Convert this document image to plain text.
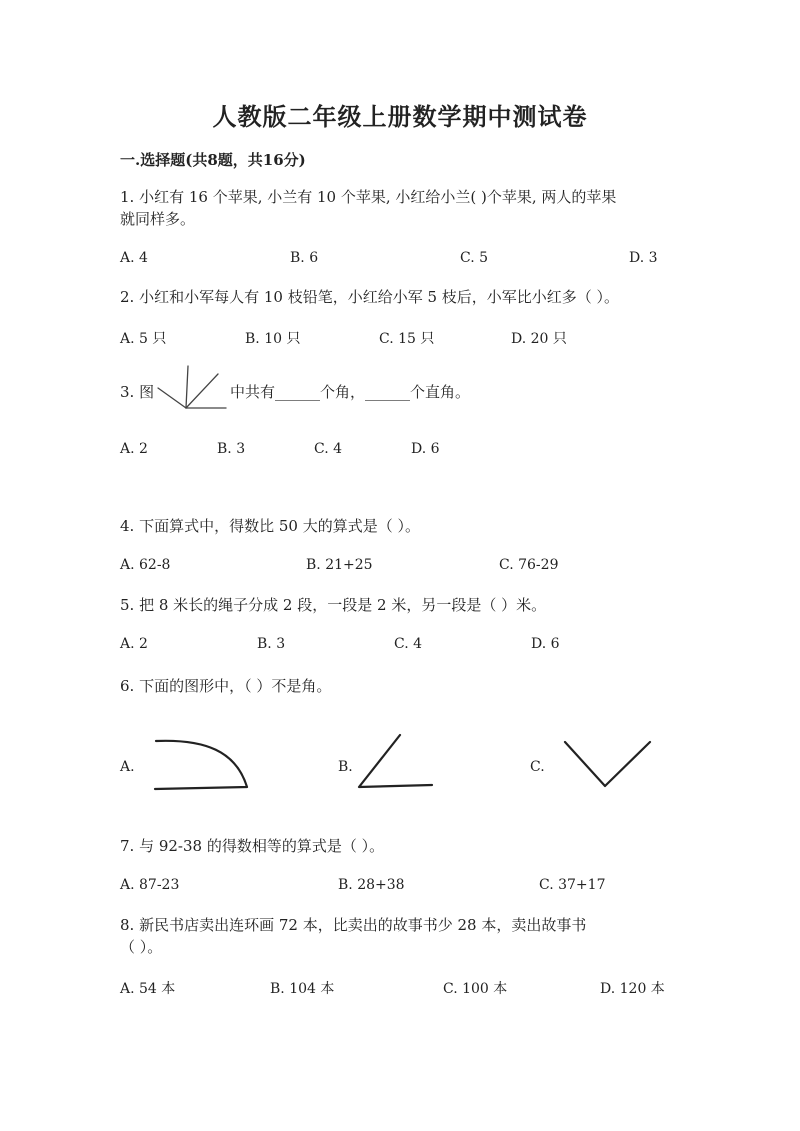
人教版二年级上册数学期中测试卷
一.选择题(共8题，共16分)
1. 小红有 16 个苹果, 小兰有 10 个苹果, 小红给小兰( )个苹果, 两人的苹果
就同样多。
A. 4	B. 6	C. 5	D. 3
2. 小红和小军每人有 10 枝铅笔，小红给小军 5 枝后，小军比小红多（ ）。
A. 5 只	B. 10 只	C. 15 只	D. 20 只
3. 图	中共有______个角，______个直角。
A. 2	B. 3	C. 4	D. 6
4. 下面算式中，得数比 50 大的算式是（ ）。
A. 62-8	B. 21+25	C. 76-29
5. 把 8 米长的绳子分成 2 段，一段是 2 米，另一段是（ ）米。
A. 2	B. 3	C. 4	D. 6
6. 下面的图形中，（ ）不是角。
A.	B.	C.
7. 与 92-38 的得数相等的算式是（ ）。
A. 87-23	B. 28+38	C. 37+17
8. 新民书店卖出连环画 72 本，比卖出的故事书少 28 本，卖出故事书
（ ）。
A. 54 本	B. 104 本	C. 100 本	D. 120 本
